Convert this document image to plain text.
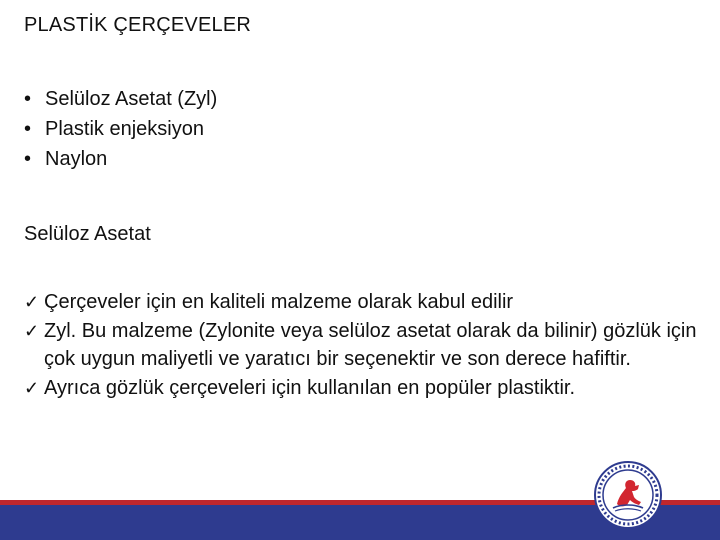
PLASTİK ÇERÇEVELER
• Selüloz Asetat (Zyl)
• Plastik enjeksiyon
• Naylon
Selüloz Asetat
✓ Çerçeveler için en kaliteli malzeme olarak kabul edilir
✓ Zyl. Bu malzeme (Zylonite veya selüloz asetat olarak da bilinir) gözlük için çok uygun maliyetli ve yaratıcı bir seçenektir ve son derece hafiftir.
✓ Ayrıca gözlük çerçeveleri için kullanılan en popüler plastiktir.
